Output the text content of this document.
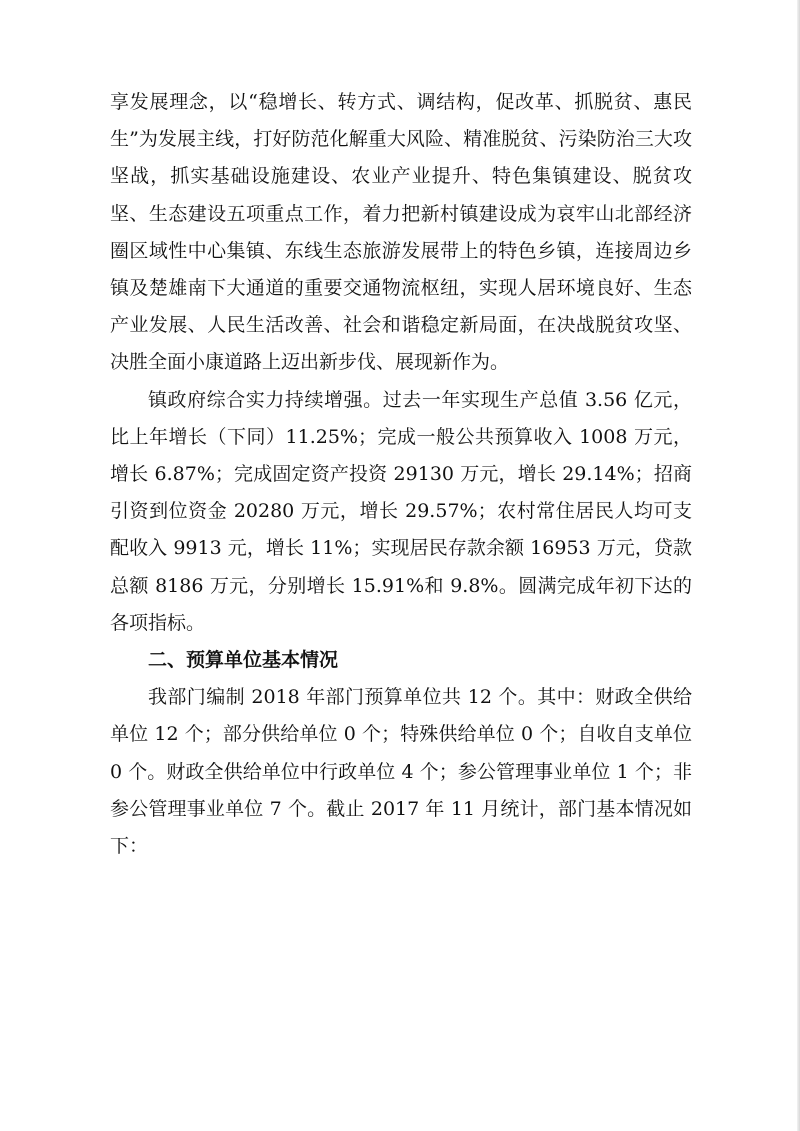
享发展理念，以“稳增长、转方式、调结构，促改革、抓脱贫、惠民生”为发展主线，打好防范化解重大风险、精准脱贫、污染防治三大攻坚战，抓实基础设施建设、农业产业提升、特色集镇建设、脱贫攻坚、生态建设五项重点工作，着力把新村镇建设成为哀牢山北部经济圈区域性中心集镇、东线生态旅游发展带上的特色乡镇，连接周边乡镇及楚雄南下大通道的重要交通物流枢纽，实现人居环境良好、生态产业发展、人民生活改善、社会和谐稳定新局面，在决战脱贫攻坚、决胜全面小康道路上迈出新步伐、展现新作为。

镇政府综合实力持续增强。过去一年实现生产总值 3.56 亿元，比上年增长（下同）11.25%；完成一般公共预算收入 1008 万元，增长 6.87%；完成固定资产投资 29130 万元，增长 29.14%；招商引资到位资金 20280 万元，增长 29.57%；农村常住居民人均可支配收入 9913 元，增长 11%；实现居民存款余额 16953 万元，贷款总额 8186 万元，分别增长 15.91%和 9.8%。圆满完成年初下达的各项指标。

二、预算单位基本情况

我部门编制 2018 年部门预算单位共 12 个。其中：财政全供给单位 12 个；部分供给单位 0 个；特殊供给单位 0 个；自收自支单位 0 个。财政全供给单位中行政单位 4 个；参公管理事业单位 1 个；非参公管理事业单位 7 个。截止 2017 年 11 月统计，部门基本情况如下：
